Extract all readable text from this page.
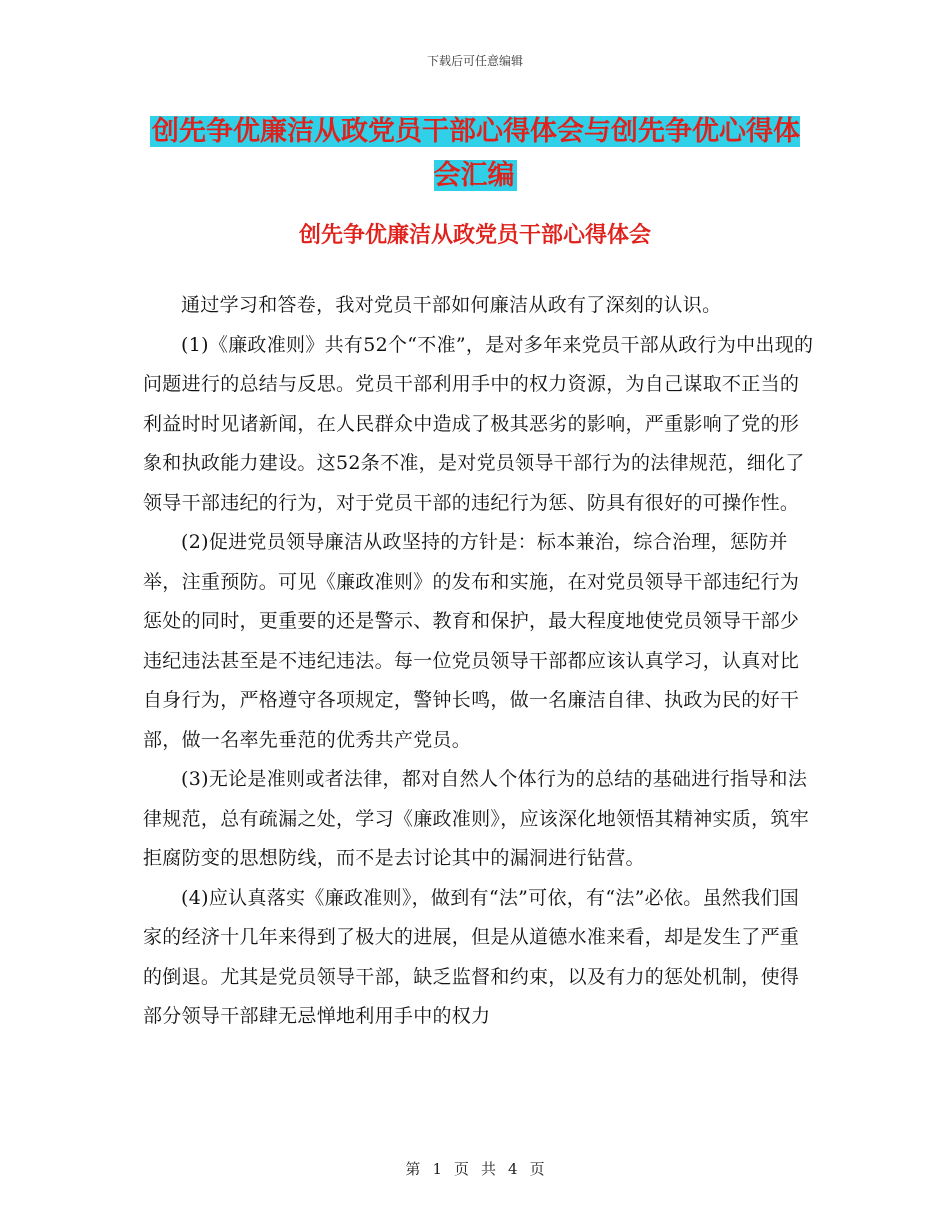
下载后可任意编辑
创先争优廉洁从政党员干部心得体会与创先争优心得体会汇编
创先争优廉洁从政党员干部心得体会

通过学习和答卷，我对党员干部如何廉洁从政有了深刻的认识。

(1)《廉政准则》共有52个“不准”，是对多年来党员干部从政行为中出现的问题进行的总结与反思。党员干部利用手中的权力资源，为自己谋取不正当的利益时时见诸新闻，在人民群众中造成了极其恶劣的影响，严重影响了党的形象和执政能力建设。这52条不准，是对党员领导干部行为的法律规范，细化了领导干部违纪的行为，对于党员干部的违纪行为惩、防具有很好的可操作性。

(2)促进党员领导廉洁从政坚持的方针是：标本兼治，综合治理，惩防并举，注重预防。可见《廉政准则》的发布和实施，在对党员领导干部违纪行为惩处的同时，更重要的还是警示、教育和保护，最大程度地使党员领导干部少违纪违法甚至是不违纪违法。每一位党员领导干部都应该认真学习，认真对比自身行为，严格遵守各项规定，警钟长鸣，做一名廉洁自律、执政为民的好干部，做一名率先垂范的优秀共产党员。

(3)无论是准则或者法律，都对自然人个体行为的总结的基础进行指导和法律规范，总有疏漏之处，学习《廉政准则》，应该深化地领悟其精神实质，筑牢拒腐防变的思想防线，而不是去讨论其中的漏洞进行钻营。

(4)应认真落实《廉政准则》，做到有“法”可依，有“法”必依。虽然我们国家的经济十几年来得到了极大的进展，但是从道德水准来看，却是发生了严重的倒退。尤其是党员领导干部，缺乏监督和约束，以及有力的惩处机制，使得部分领导干部肆无忌惮地利用手中的权力

第 1 页 共 4 页
